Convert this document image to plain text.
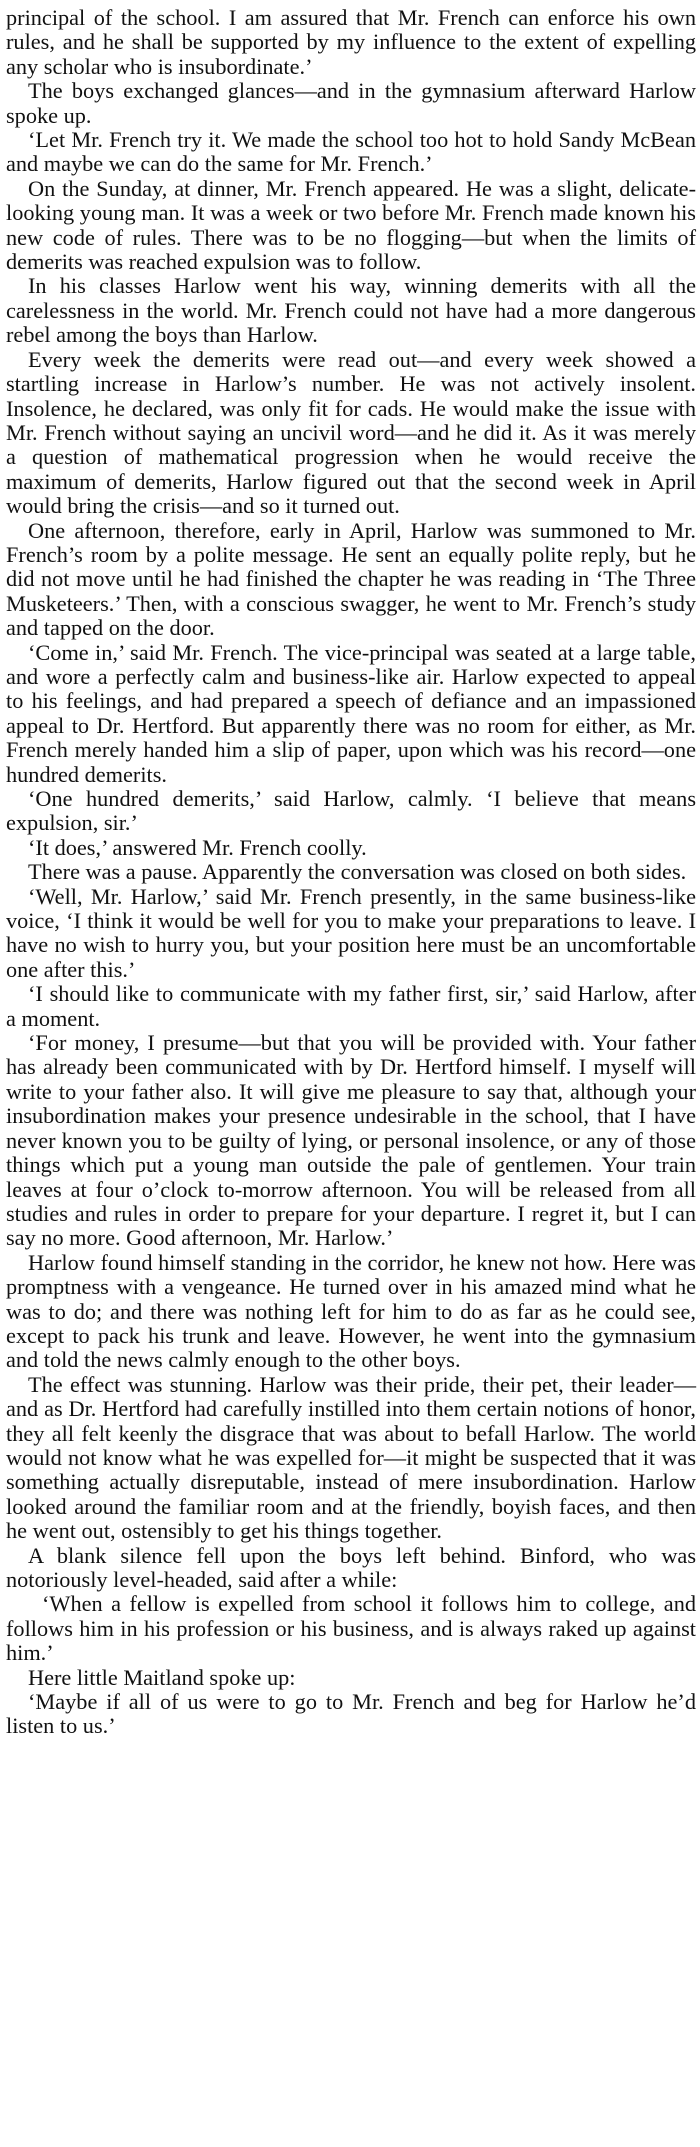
principal of the school. I am assured that Mr. French can enforce his own rules, and he shall be supported by my influence to the extent of expelling any scholar who is insubordinate.’

The boys exchanged glances—and in the gymnasium afterward Harlow spoke up.

‘Let Mr. French try it. We made the school too hot to hold Sandy McBean and maybe we can do the same for Mr. French.’

On the Sunday, at dinner, Mr. French appeared. He was a slight, delicate-looking young man. It was a week or two before Mr. French made known his new code of rules. There was to be no flogging—but when the limits of demerits was reached expulsion was to follow.

In his classes Harlow went his way, winning demerits with all the carelessness in the world. Mr. French could not have had a more dangerous rebel among the boys than Harlow.

Every week the demerits were read out—and every week showed a startling increase in Harlow’s number. He was not actively insolent. Insolence, he declared, was only fit for cads. He would make the issue with Mr. French without saying an uncivil word—and he did it. As it was merely a question of mathematical progression when he would receive the maximum of demerits, Harlow figured out that the second week in April would bring the crisis—and so it turned out.

One afternoon, therefore, early in April, Harlow was summoned to Mr. French’s room by a polite message. He sent an equally polite reply, but he did not move until he had finished the chapter he was reading in ‘The Three Musketeers.’ Then, with a conscious swagger, he went to Mr. French’s study and tapped on the door.

‘Come in,’ said Mr. French. The vice-principal was seated at a large table, and wore a perfectly calm and business-like air. Harlow expected to appeal to his feelings, and had prepared a speech of defiance and an impassioned appeal to Dr. Hertford. But apparently there was no room for either, as Mr. French merely handed him a slip of paper, upon which was his record—one hundred demerits.

‘One hundred demerits,’ said Harlow, calmly. ‘I believe that means expulsion, sir.’

‘It does,’ answered Mr. French coolly.

There was a pause. Apparently the conversation was closed on both sides.

‘Well, Mr. Harlow,’ said Mr. French presently, in the same business-like voice, ‘I think it would be well for you to make your preparations to leave. I have no wish to hurry you, but your position here must be an uncomfortable one after this.’

‘I should like to communicate with my father first, sir,’ said Harlow, after a moment.

‘For money, I presume—but that you will be provided with. Your father has already been communicated with by Dr. Hertford himself. I myself will write to your father also. It will give me pleasure to say that, although your insubordination makes your presence undesirable in the school, that I have never known you to be guilty of lying, or personal insolence, or any of those things which put a young man outside the pale of gentlemen. Your train leaves at four o’clock to-morrow afternoon. You will be released from all studies and rules in order to prepare for your departure. I regret it, but I can say no more. Good afternoon, Mr. Harlow.’

Harlow found himself standing in the corridor, he knew not how. Here was promptness with a vengeance. He turned over in his amazed mind what he was to do; and there was nothing left for him to do as far as he could see, except to pack his trunk and leave. However, he went into the gymnasium and told the news calmly enough to the other boys.

The effect was stunning. Harlow was their pride, their pet, their leader—and as Dr. Hertford had carefully instilled into them certain notions of honor, they all felt keenly the disgrace that was about to befall Harlow. The world would not know what he was expelled for—it might be suspected that it was something actually disreputable, instead of mere insubordination. Harlow looked around the familiar room and at the friendly, boyish faces, and then he went out, ostensibly to get his things together.

A blank silence fell upon the boys left behind. Binford, who was notoriously level-headed, said after a while:

‘When a fellow is expelled from school it follows him to college, and follows him in his profession or his business, and is always raked up against him.’

Here little Maitland spoke up:

‘Maybe if all of us were to go to Mr. French and beg for Harlow he’d listen to us.’
